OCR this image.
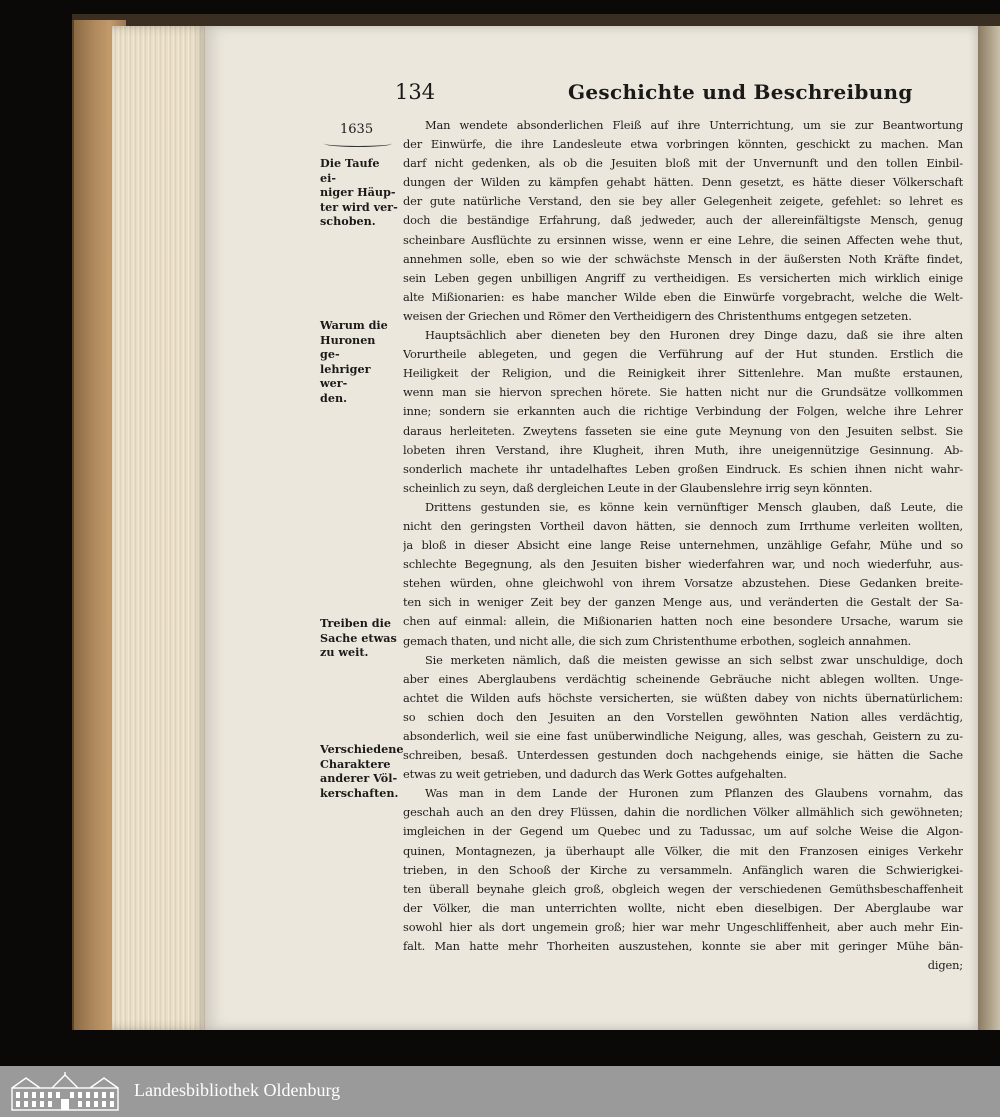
134	Geschichte und Beschreibung
1635
Die Taufe ei-
niger Häup-
ter wird ver-
schoben.
Warum die
Huronen ge-
lehriger wer-
den.
Treiben die
Sache etwas
zu weit.
Verschiedene
Charaktere
anderer Völ-
kerschaften.
Man wendete absonderlichen Fleiß auf ihre Unterrichtung, um sie zur Beantwortung
der Einwürfe, die ihre Landesleute etwa vorbringen könnten, geschickt zu machen. Man
darf nicht gedenken, als ob die Jesuiten bloß mit der Unvernunft und den tollen Einbil-
dungen der Wilden zu kämpfen gehabt hätten. Denn gesetzt, es hätte dieser Völkerschaft
der gute natürliche Verstand, den sie bey aller Gelegenheit zeigete, gefehlet: so lehret es
doch die beständige Erfahrung, daß jedweder, auch der allereinfältigste Mensch, genug
scheinbare Ausflüchte zu ersinnen wisse, wenn er eine Lehre, die seinen Affecten wehe thut,
annehmen solle, eben so wie der schwächste Mensch in der äußersten Noth Kräfte findet,
sein Leben gegen unbilligen Angriff zu vertheidigen. Es versicherten mich wirklich einige
alte Mißionarien: es habe mancher Wilde eben die Einwürfe vorgebracht, welche die Welt-
weisen der Griechen und Römer den Vertheidigern des Christenthums entgegen setzeten.
Hauptsächlich aber dieneten bey den Huronen drey Dinge dazu, daß sie ihre alten
Vorurtheile ablegeten, und gegen die Verführung auf der Hut stunden. Erstlich die
Heiligkeit der Religion, und die Reinigkeit ihrer Sittenlehre. Man mußte erstaunen,
wenn man sie hiervon sprechen hörete. Sie hatten nicht nur die Grundsätze vollkommen
inne; sondern sie erkannten auch die richtige Verbindung der Folgen, welche ihre Lehrer
daraus herleiteten. Zweytens fasseten sie eine gute Meynung von den Jesuiten selbst. Sie
lobeten ihren Verstand, ihre Klugheit, ihren Muth, ihre uneigennützige Gesinnung. Ab-
sonderlich machete ihr untadelhaftes Leben großen Eindruck. Es schien ihnen nicht wahr-
scheinlich zu seyn, daß dergleichen Leute in der Glaubenslehre irrig seyn könnten.
Drittens gestunden sie, es könne kein vernünftiger Mensch glauben, daß Leute, die
nicht den geringsten Vortheil davon hätten, sie dennoch zum Irrthume verleiten wollten,
ja bloß in dieser Absicht eine lange Reise unternehmen, unzählige Gefahr, Mühe und so
schlechte Begegnung, als den Jesuiten bisher wiederfahren war, und noch wiederfuhr, aus-
stehen würden, ohne gleichwohl von ihrem Vorsatze abzustehen. Diese Gedanken breite-
ten sich in weniger Zeit bey der ganzen Menge aus, und veränderten die Gestalt der Sa-
chen auf einmal: allein, die Mißionarien hatten noch eine besondere Ursache, warum sie
gemach thaten, und nicht alle, die sich zum Christenthume erbothen, sogleich annahmen.
Sie merketen nämlich, daß die meisten gewisse an sich selbst zwar unschuldige, doch
aber eines Aberglaubens verdächtig scheinende Gebräuche nicht ablegen wollten. Unge-
achtet die Wilden aufs höchste versicherten, sie wüßten dabey von nichts übernatürlichem:
so schien doch den Jesuiten an den Vorstellen gewöhnten Nation alles verdächtig,
absonderlich, weil sie eine fast unüberwindliche Neigung, alles, was geschah, Geistern zu zu-
schreiben, besaß. Unterdessen gestunden doch nachgehends einige, sie hätten die Sache
etwas zu weit getrieben, und dadurch das Werk Gottes aufgehalten.
Was man in dem Lande der Huronen zum Pflanzen des Glaubens vornahm, das
geschah auch an den drey Flüssen, dahin die nordlichen Völker allmählich sich gewöhneten;
imgleichen in der Gegend um Quebec und zu Tadussac, um auf solche Weise die Algon-
quinen, Montagnezen, ja überhaupt alle Völker, die mit den Franzosen einiges Verkehr
trieben, in den Schooß der Kirche zu versammeln. Anfänglich waren die Schwierigkei-
ten überall beynahe gleich groß, obgleich wegen der verschiedenen Gemüthsbeschaffenheit
der Völker, die man unterrichten wollte, nicht eben dieselbigen. Der Aberglaube war
sowohl hier als dort ungemein groß; hier war mehr Ungeschliffenheit, aber auch mehr Ein-
falt. Man hatte mehr Thorheiten auszustehen, konnte sie aber mit geringer Mühe bän-
digen;
Landesbibliothek Oldenburg
